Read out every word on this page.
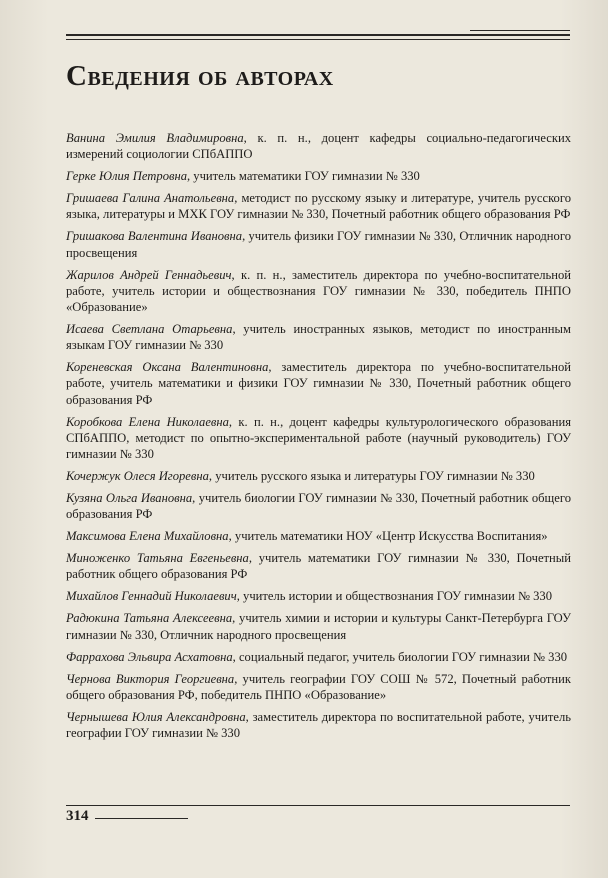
Сведения об авторах

Ванина Эмилия Владимировна, к. п. н., доцент кафедры социально-педагогических измерений социологии СПбАППО

Герке Юлия Петровна, учитель математики ГОУ гимназии № 330

Гришаева Галина Анатольевна, методист по русскому языку и литературе, учитель русского языка, литературы и МХК ГОУ гимназии № 330, Почетный работник общего образования РФ

Гришакова Валентина Ивановна, учитель физики ГОУ гимназии № 330, Отличник народного просвещения

Жарилов Андрей Геннадьевич, к. п. н., заместитель директора по учебно-воспитательной работе, учитель истории и обществознания ГОУ гимназии № 330, победитель ПНПО «Образование»

Исаева Светлана Отарьевна, учитель иностранных языков, методист по иностранным языкам ГОУ гимназии № 330

Кореневская Оксана Валентиновна, заместитель директора по учебно-воспитательной работе, учитель математики и физики ГОУ гимназии № 330, Почетный работник общего образования РФ

Коробкова Елена Николаевна, к. п. н., доцент кафедры культурологического образования СПбАППО, методист по опытно-экспериментальной работе (научный руководитель) ГОУ гимназии № 330

Кочержук Олеся Игоревна, учитель русского языка и литературы ГОУ гимназии № 330

Кузяна Ольга Ивановна, учитель биологии ГОУ гимназии № 330, Почетный работник общего образования РФ

Максимова Елена Михайловна, учитель математики НОУ «Центр Искусства Воспитания»

Миноженко Татьяна Евгеньевна, учитель математики ГОУ гимназии № 330, Почетный работник общего образования РФ

Михайлов Геннадий Николаевич, учитель истории и обществознания ГОУ гимназии № 330

Радюкина Татьяна Алексеевна, учитель химии и истории и культуры Санкт-Петербурга ГОУ гимназии № 330, Отличник народного просвещения

Фаррахова Эльвира Асхатовна, социальный педагог, учитель биологии ГОУ гимназии № 330

Чернова Виктория Георгиевна, учитель географии ГОУ СОШ № 572, Почетный работник общего образования РФ, победитель ПНПО «Образование»

Чернышева Юлия Александровна, заместитель директора по воспитательной работе, учитель географии ГОУ гимназии № 330

314
